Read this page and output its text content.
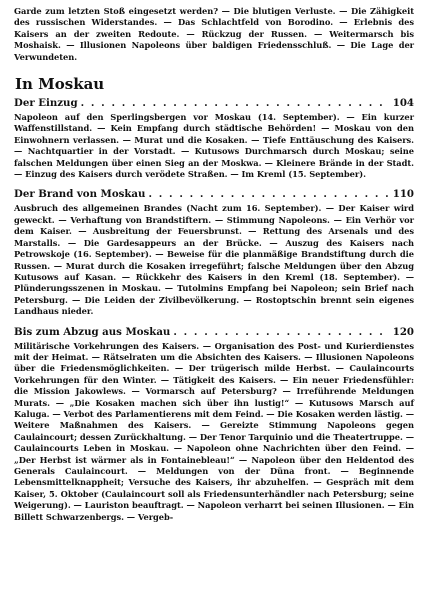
Garde zum letzten Stoß eingesetzt werden? — Die blutigen Verluste. — Die Zähigkeit des russischen Widerstandes. — Das Schlachtfeld von Borodino. — Erlebnis des Kaisers an der zweiten Redoute. — Rückzug der Russen. — Weitermarsch bis Moshaisk. — Illusionen Napoleons über baldigen Friedensschluß. — Die Lage der Verwundeten.

In Moskau
Der Einzug . . .	104

Napoleon auf den Sperlingsbergen vor Moskau (14. September). — Ein kurzer Waffenstillstand. — Kein Empfang durch städtische Behörden! — Moskau von den Einwohnern verlassen. — Murat und die Kosaken. — Tiefe Enttäuschung des Kaisers. — Nachtquartier in der Vorstadt. — Kutusows Durchmarsch durch Moskau; seine falschen Meldungen über einen Sieg an der Moskwa. — Kleinere Brände in der Stadt. — Einzug des Kaisers durch verödete Straßen. — Im Kreml (15. September).

Der Brand von Moskau . . .	110

Ausbruch des allgemeinen Brandes (Nacht zum 16. September). — Der Kaiser wird geweckt. — Verhaftung von Brandstiftern. — Stimmung Napoleons. — Ein Verhör vor dem Kaiser. — Ausbreitung der Feuersbrunst. — Rettung des Arsenals und des Marstalls. — Die Gardesappeurs an der Brücke. — Auszug des Kaisers nach Petrowskoje (16. September). — Beweise für die planmäßige Brandstiftung durch die Russen. — Murat durch die Kosaken irregeführt; falsche Meldungen über den Abzug Kutusows auf Kasan. — Rückkehr des Kaisers in den Kreml (18. September). — Plünderungsszenen in Moskau. — Tutolmins Empfang bei Napoleon; sein Brief nach Petersburg. — Die Leiden der Zivilbevölkerung. — Rostoptschin brennt sein eigenes Landhaus nieder.

Bis zum Abzug aus Moskau . . .	120

Militärische Vorkehrungen des Kaisers. — Organisation des Post- und Kurierdienstes mit der Heimat. — Rätselraten um die Absichten des Kaisers. — Illusionen Napoleons über die Friedensmöglichkeiten. — Der trügerisch milde Herbst. — Caulaincourts Vorkehrungen für den Winter. — Tätigkeit des Kaisers. — Ein neuer Friedensfühler: die Mission Jakowlews. — Vormarsch auf Petersburg? — Irreführende Meldungen Murats. — „Die Kosaken machen sich über ihn lustig!“ — Kutusows Marsch auf Kaluga. — Verbot des Parlamentierens mit dem Feind. — Die Kosaken werden lästig. — Weitere Maßnahmen des Kaisers. — Gereizte Stimmung Napoleons gegen Caulaincourt; dessen Zurückhaltung. — Der Tenor Tarquinio und die Theatertruppe. — Caulaincourts Leben in Moskau. — Napoleon ohne Nachrichten über den Feind. — „Der Herbst ist wärmer als in Fontainebleau!“ — Napoleon über den Heldentod des Generals Caulaincourt. — Meldungen von der Düna front. — Beginnende Lebensmittelknappheit; Versuche des Kaisers, ihr abzuhelfen. — Gespräch mit dem Kaiser, 5. Oktober (Caulaincourt soll als Friedensunterhändler nach Petersburg; seine Weigerung). — Lauriston beauftragt. — Napoleon verharrt bei seinen Illusionen. — Ein Billett Schwarzenbergs. — Vergeb-
